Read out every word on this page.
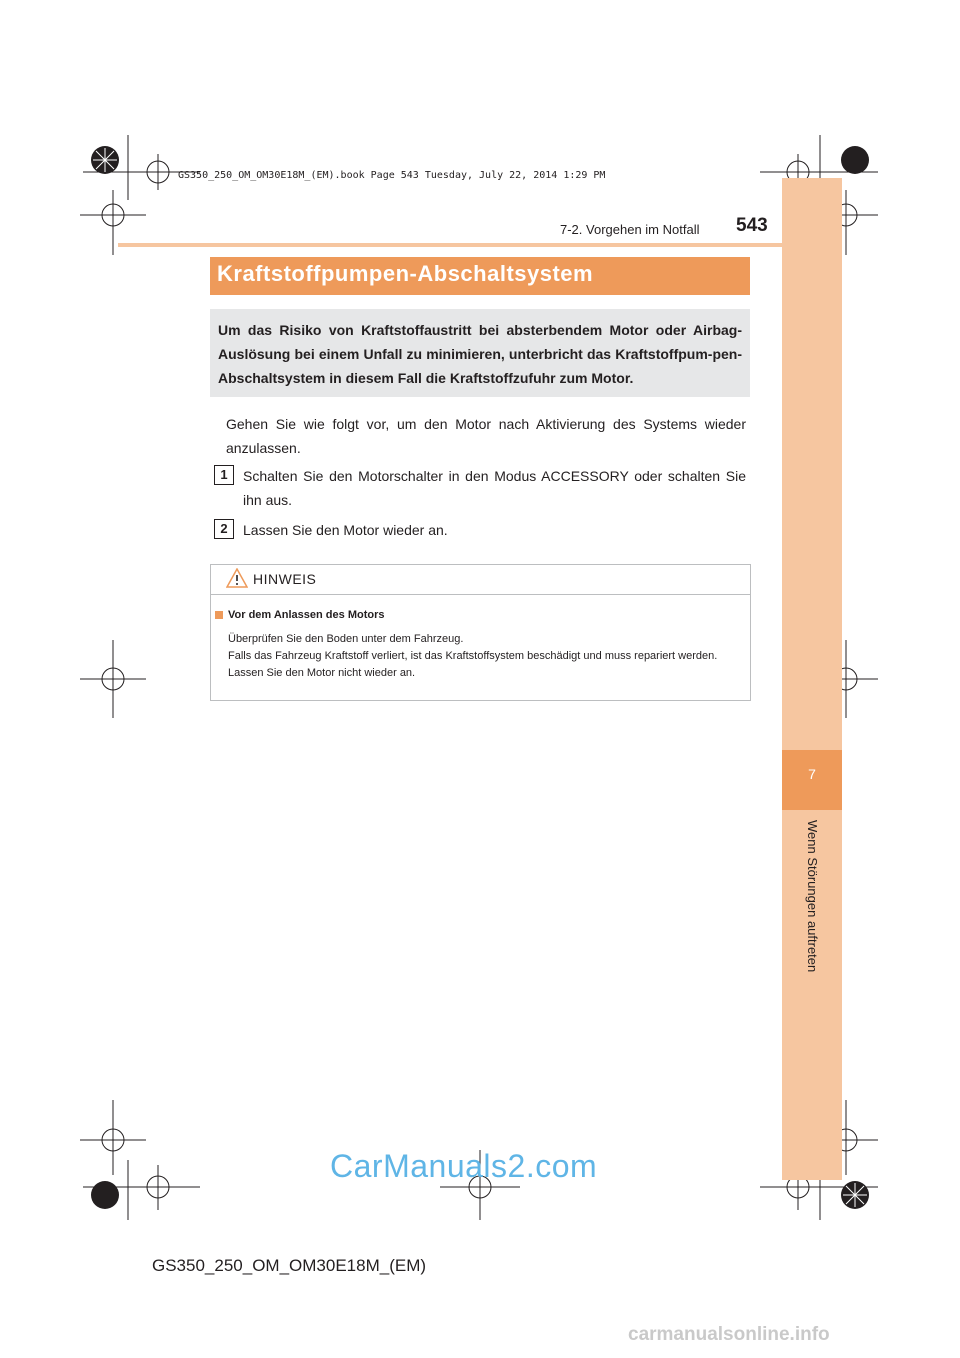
7
Wenn Störungen auftreten
GS350_250_OM_OM30E18M_(EM).book Page 543 Tuesday, July 22, 2014 1:29 PM
7-2. Vorgehen im Notfall 543
Kraftstoffpumpen-Abschaltsystem
Um das Risiko von Kraftstoffaustritt bei absterbendem Motor oder Airbag-Auslösung bei einem Unfall zu minimieren, unterbricht das Kraftstoffpum-pen-Abschaltsystem in diesem Fall die Kraftstoffzufuhr zum Motor.
Gehen Sie wie folgt vor, um den Motor nach Aktivierung des Systems wieder anzulassen.
1	Schalten Sie den Motorschalter in den Modus ACCESSORY oder schalten Sie ihn aus.
2	Lassen Sie den Motor wieder an.
HINWEIS
Vor dem Anlassen des Motors
Überprüfen Sie den Boden unter dem Fahrzeug.
Falls das Fahrzeug Kraftstoff verliert, ist das Kraftstoffsystem beschädigt und muss repariert werden. Lassen Sie den Motor nicht wieder an.
CarManuals2.com
GS350_250_OM_OM30E18M_(EM)
carmanualsonline.info
